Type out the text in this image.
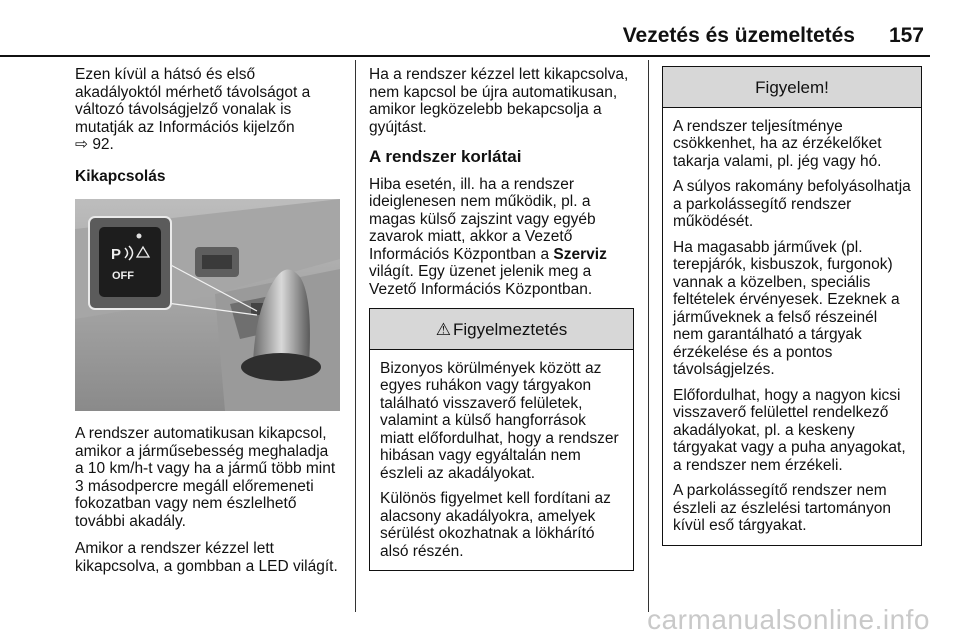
Vezetés és üzemeltetés 157

Ezen kívül a hátsó és első akadályoktól mérhető távolságot a változó távolságjelző vonalak is mutatják az Információs kijelzőn
⇨ 92.

Kikapcsolás
P
OFF

A rendszer automatikusan kikapcsol, amikor a járműsebesség meghaladja a 10 km/h-t vagy ha a jármű több mint 3 másodpercre megáll előremeneti fokozatban vagy nem észlelhető további akadály.

Amikor a rendszer kézzel lett kikapcsolva, a gombban a LED világít.

Ha a rendszer kézzel lett kikapcsolva, nem kapcsol be újra automatikusan, amikor legközelebb bekapcsolja a gyújtást.

A rendszer korlátai

Hiba esetén, ill. ha a rendszer ideiglenesen nem működik, pl. a magas külső zajszint vagy egyéb zavarok miatt, akkor a Vezető Információs Központban a Szerviz világít. Egy üzenet jelenik meg a Vezető Információs Központban.

⚠ Figyelmeztetés

Bizonyos körülmények között az egyes ruhákon vagy tárgyakon található visszaverő felületek, valamint a külső hangforrások miatt előfordulhat, hogy a rendszer hibásan vagy egyáltalán nem észleli az akadályokat.

Különös figyelmet kell fordítani az alacsony akadályokra, amelyek sérülést okozhatnak a lökhárító alsó részén.

Figyelem!

A rendszer teljesítménye csökkenhet, ha az érzékelőket takarja valami, pl. jég vagy hó.

A súlyos rakomány befolyásolhatja a parkolássegítő rendszer működését.

Ha magasabb járművek (pl. terepjárók, kisbuszok, furgonok) vannak a közelben, speciális feltételek érvényesek. Ezeknek a járműveknek a felső részeinél nem garantálható a tárgyak érzékelése és a pontos távolságjelzés.

Előfordulhat, hogy a nagyon kicsi visszaverő felülettel rendelkező akadályokat, pl. a keskeny tárgyakat vagy a puha anyagokat, a rendszer nem érzékeli.

A parkolássegítő rendszer nem észleli az észlelési tartományon kívül eső tárgyakat.

carmanualsonline.info
